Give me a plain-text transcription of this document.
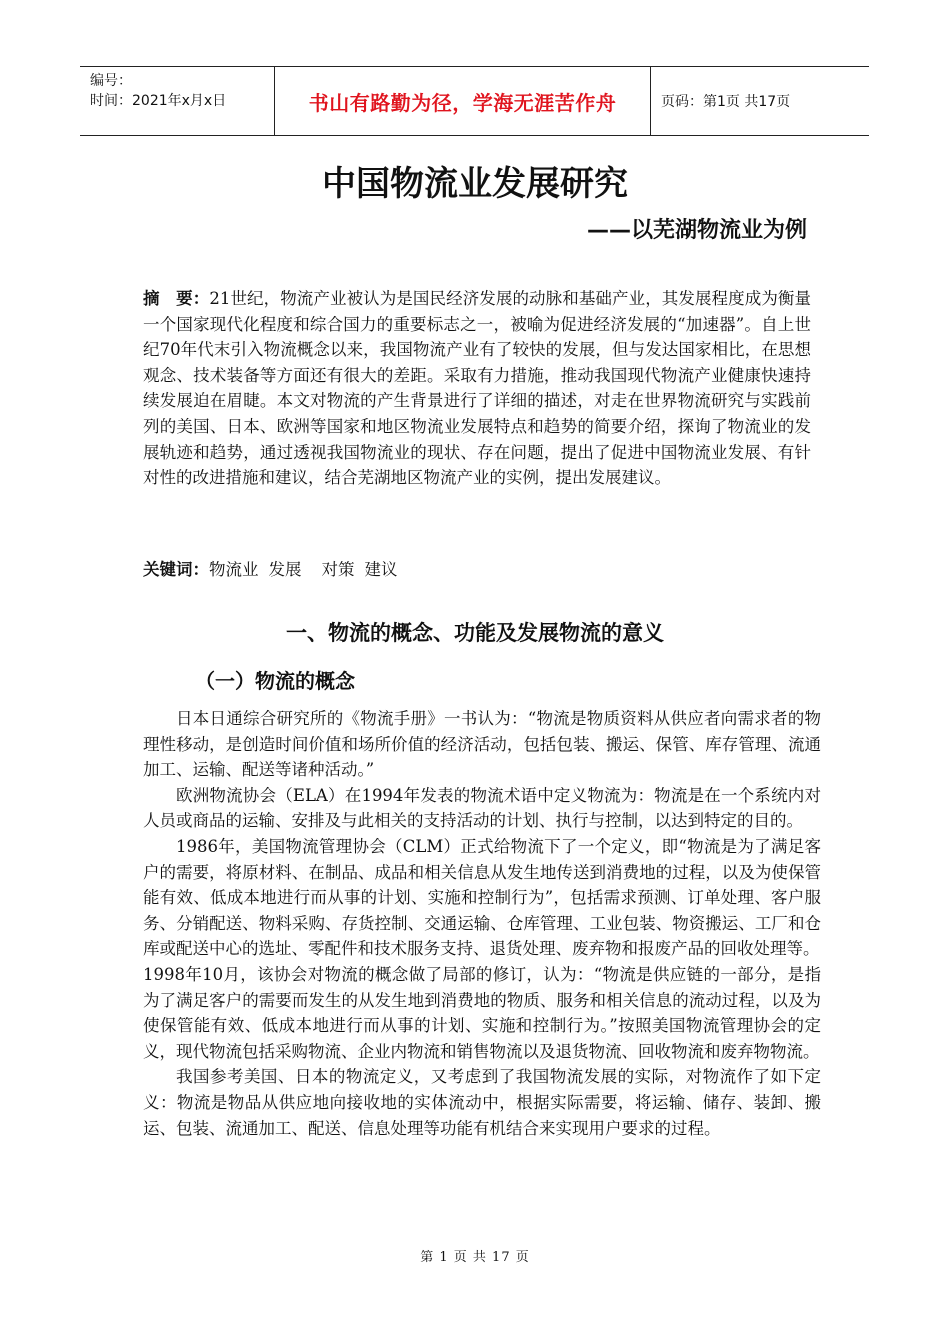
编号：
时间：2021年x月x日	书山有路勤为径，学海无涯苦作舟	页码：第1页 共17页
中国物流业发展研究
——以芜湖物流业为例

摘　要：21世纪，物流产业被认为是国民经济发展的动脉和基础产业，其发展程度成为衡量一个国家现代化程度和综合国力的重要标志之一，被喻为促进经济发展的“加速器”。自上世纪70年代末引入物流概念以来，我国物流产业有了较快的发展，但与发达国家相比，在思想观念、技术装备等方面还有很大的差距。采取有力措施，推动我国现代物流产业健康快速持续发展迫在眉睫。本文对物流的产生背景进行了详细的描述，对走在世界物流研究与实践前列的美国、日本、欧洲等国家和地区物流业发展特点和趋势的简要介绍，探询了物流业的发展轨迹和趋势，通过透视我国物流业的现状、存在问题，提出了促进中国物流业发展、有针对性的改进措施和建议，结合芜湖地区物流产业的实例，提出发展建议。

关键词：物流业 发展 对策 建议
一、物流的概念、功能及发展物流的意义
（一）物流的概念

日本日通综合研究所的《物流手册》一书认为：“物流是物质资料从供应者向需求者的物理性移动，是创造时间价值和场所价值的经济活动，包括包装、搬运、保管、库存管理、流通加工、运输、配送等诸种活动。”

欧洲物流协会（ELA）在1994年发表的物流术语中定义物流为：物流是在一个系统内对人员或商品的运输、安排及与此相关的支持活动的计划、执行与控制，以达到特定的目的。

1986年，美国物流管理协会（CLM）正式给物流下了一个定义，即“物流是为了满足客户的需要，将原材料、在制品、成品和相关信息从发生地传送到消费地的过程，以及为使保管能有效、低成本地进行而从事的计划、实施和控制行为”，包括需求预测、订单处理、客户服务、分销配送、物料采购、存货控制、交通运输、仓库管理、工业包装、物资搬运、工厂和仓库或配送中心的选址、零配件和技术服务支持、退货处理、废弃物和报废产品的回收处理等。

1998年10月，该协会对物流的概念做了局部的修订，认为：“物流是供应链的一部分，是指为了满足客户的需要而发生的从发生地到消费地的物质、服务和相关信息的流动过程，以及为使保管能有效、低成本地进行而从事的计划、实施和控制行为。”按照美国物流管理协会的定义，现代物流包括采购物流、企业内物流和销售物流以及退货物流、回收物流和废弃物物流。

我国参考美国、日本的物流定义，又考虑到了我国物流发展的实际，对物流作了如下定义：物流是物品从供应地向接收地的实体流动中，根据实际需要，将运输、储存、装卸、搬运、包装、流通加工、配送、信息处理等功能有机结合来实现用户要求的过程。

第 1 页 共 17 页
